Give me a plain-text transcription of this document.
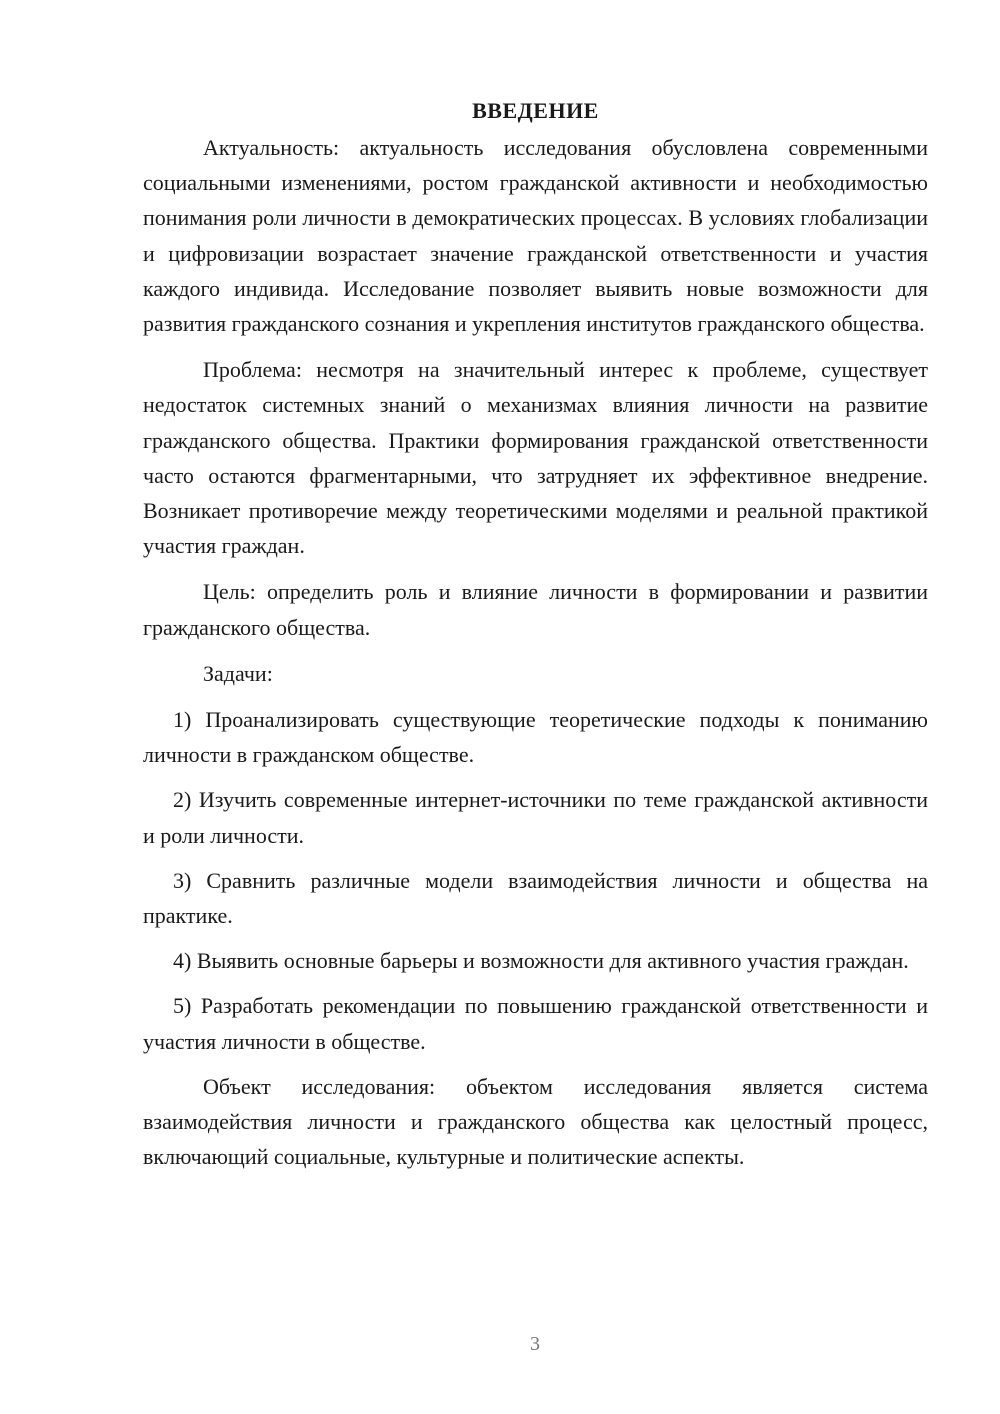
ВВЕДЕНИЕ

Актуальность: актуальность исследования обусловлена современными социальными изменениями, ростом гражданской активности и необходимостью понимания роли личности в демократических процессах. В условиях глобализации и цифровизации возрастает значение гражданской ответственности и участия каждого индивида. Исследование позволяет выявить новые возможности для развития гражданского сознания и укрепления институтов гражданского общества.

Проблема: несмотря на значительный интерес к проблеме, существует недостаток системных знаний о механизмах влияния личности на развитие гражданского общества. Практики формирования гражданской ответственности часто остаются фрагментарными, что затрудняет их эффективное внедрение. Возникает противоречие между теоретическими моделями и реальной практикой участия граждан.

Цель: определить роль и влияние личности в формировании и развитии гражданского общества.

Задачи:

1) Проанализировать существующие теоретические подходы к пониманию личности в гражданском обществе.

2) Изучить современные интернет-источники по теме гражданской активности и роли личности.

3) Сравнить различные модели взаимодействия личности и общества на практике.

4) Выявить основные барьеры и возможности для активного участия граждан.

5) Разработать рекомендации по повышению гражданской ответственности и участия личности в обществе.

Объект исследования: объектом исследования является система взаимодействия личности и гражданского общества как целостный процесс, включающий социальные, культурные и политические аспекты.

3
